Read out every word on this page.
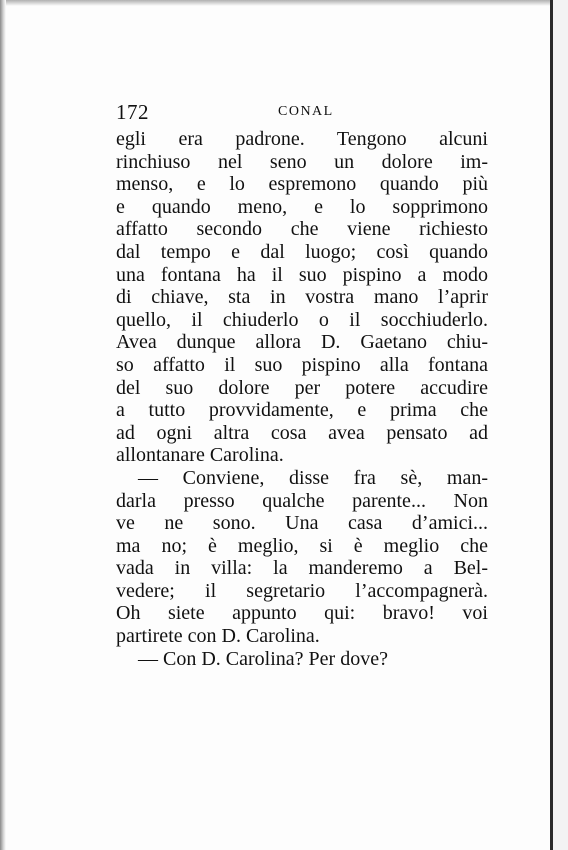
172	CONAL
egli era padrone. Tengono alcuni
rinchiuso nel seno un dolore im-
menso, e lo espremono quando più
e quando meno, e lo sopprimono
affatto secondo che viene richiesto
dal tempo e dal luogo; così quando
una fontana ha il suo pispino a modo
di chiave, sta in vostra mano l’aprir
quello, il chiuderlo o il socchiuderlo.
Avea dunque allora D. Gaetano chiu-
so affatto il suo pispino alla fontana
del suo dolore per potere accudire
a tutto provvidamente, e prima che
ad ogni altra cosa avea pensato ad
allontanare Carolina.
— Conviene, disse fra sè, man-
darla presso qualche parente... Non
ve ne sono. Una casa d’amici...
ma no; è meglio, si è meglio che
vada in villa: la manderemo a Bel-
vedere; il segretario l’accompagnerà.
Oh siete appunto qui: bravo! voi
partirete con D. Carolina.
— Con D. Carolina? Per dove?
